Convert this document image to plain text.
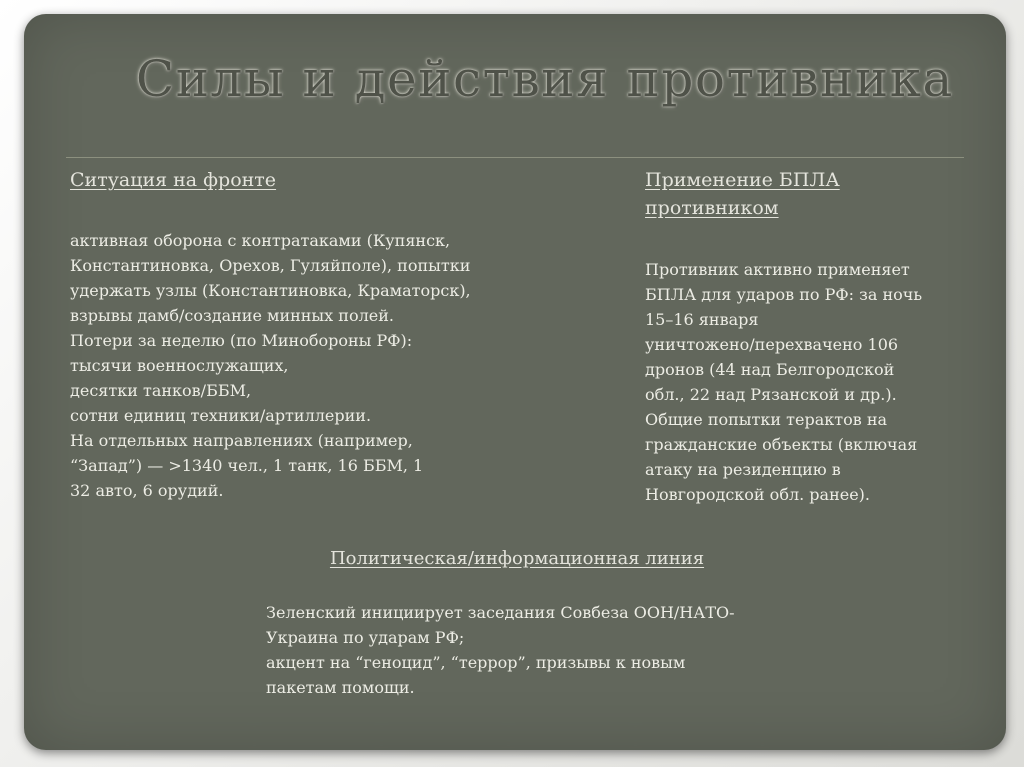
Силы и действия противника
Ситуация на фронте

активная оборона с контратаками (Купянск,
Константиновка, Орехов, Гуляйполе), попытки
удержать узлы (Константиновка, Краматорск),
взрывы дамб/создание минных полей.
Потери за неделю (по Минобороны РФ):
тысячи военнослужащих,
десятки танков/ББМ,
сотни единиц техники/артиллерии.
На отдельных направлениях (например,
“Запад”) — >1340 чел., 1 танк, 16 ББМ, 1
32 авто, 6 орудий.

Применение БПЛА противником

Противник активно применяет
БПЛА для ударов по РФ: за ночь
15–16 января
уничтожено/перехвачено 106
дронов (44 над Белгородской
обл., 22 над Рязанской и др.).
Общие попытки терактов на
гражданские объекты (включая
атаку на резиденцию в
Новгородской обл. ранее).

Политическая/информационная линия

Зеленский инициирует заседания Совбеза ООН/НАТО-
Украина по ударам РФ;
акцент на “геноцид”, “террор”, призывы к новым
пакетам помощи.
